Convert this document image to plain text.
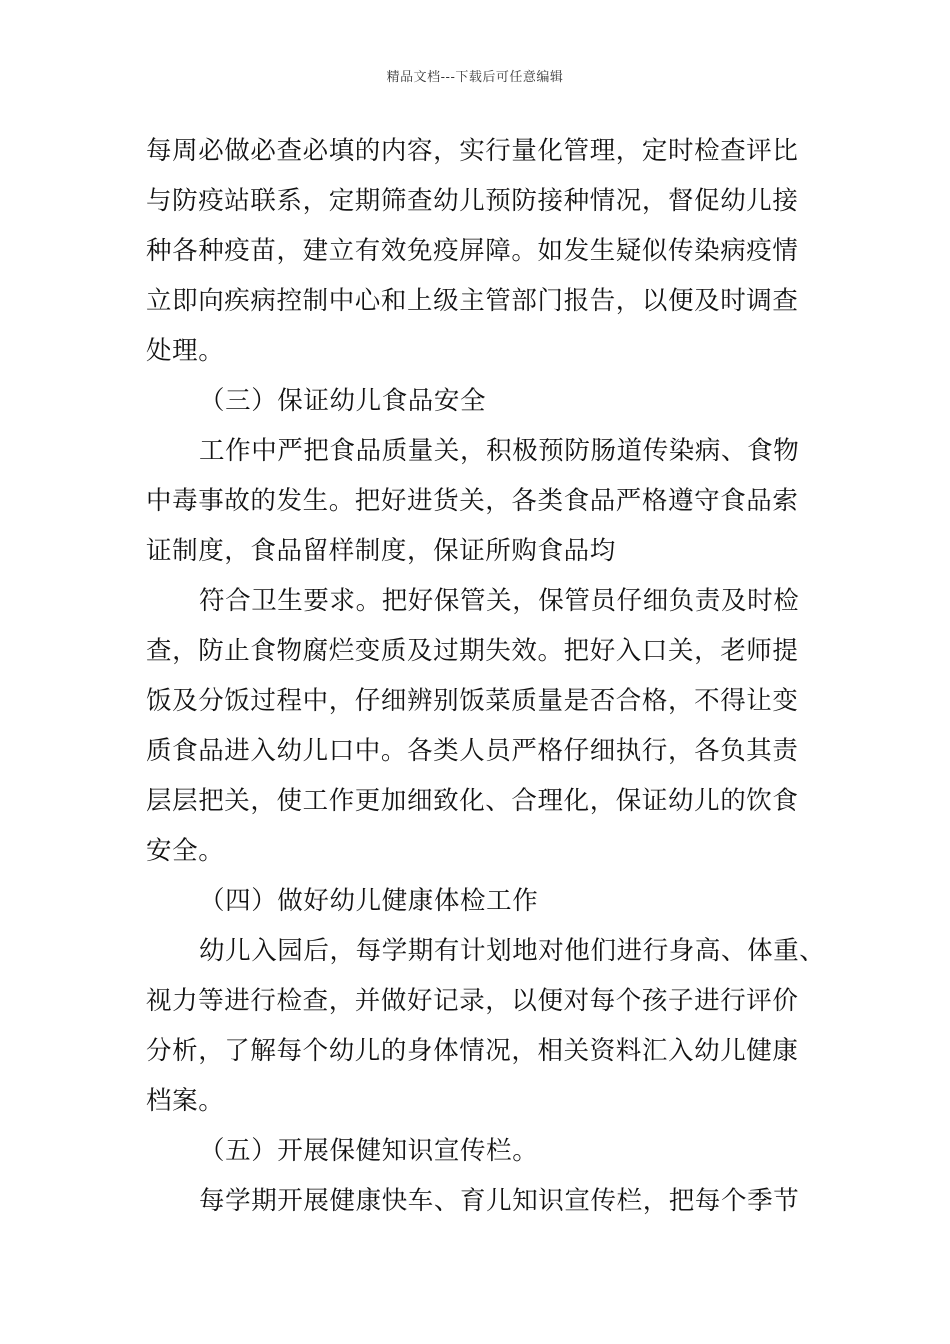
精品文档---下载后可任意编辑
每周必做必查必填的内容，实行量化管理，定时检查评比
与防疫站联系，定期筛查幼儿预防接种情况，督促幼儿接
种各种疫苗，建立有效免疫屏障。如发生疑似传染病疫情
立即向疾病控制中心和上级主管部门报告，以便及时调查
处理。
（三）保证幼儿食品安全
工作中严把食品质量关，积极预防肠道传染病、食物
中毒事故的发生。把好进货关，各类食品严格遵守食品索
证制度，食品留样制度，保证所购食品均
符合卫生要求。把好保管关，保管员仔细负责及时检
查，防止食物腐烂变质及过期失效。把好入口关，老师提
饭及分饭过程中，仔细辨别饭菜质量是否合格，不得让变
质食品进入幼儿口中。各类人员严格仔细执行，各负其责
层层把关，使工作更加细致化、合理化，保证幼儿的饮食
安全。
（四）做好幼儿健康体检工作
幼儿入园后，每学期有计划地对他们进行身高、体重、
视力等进行检查，并做好记录，以便对每个孩子进行评价
分析，了解每个幼儿的身体情况，相关资料汇入幼儿健康
档案。
（五）开展保健知识宣传栏。
每学期开展健康快车、育儿知识宣传栏，把每个季节
